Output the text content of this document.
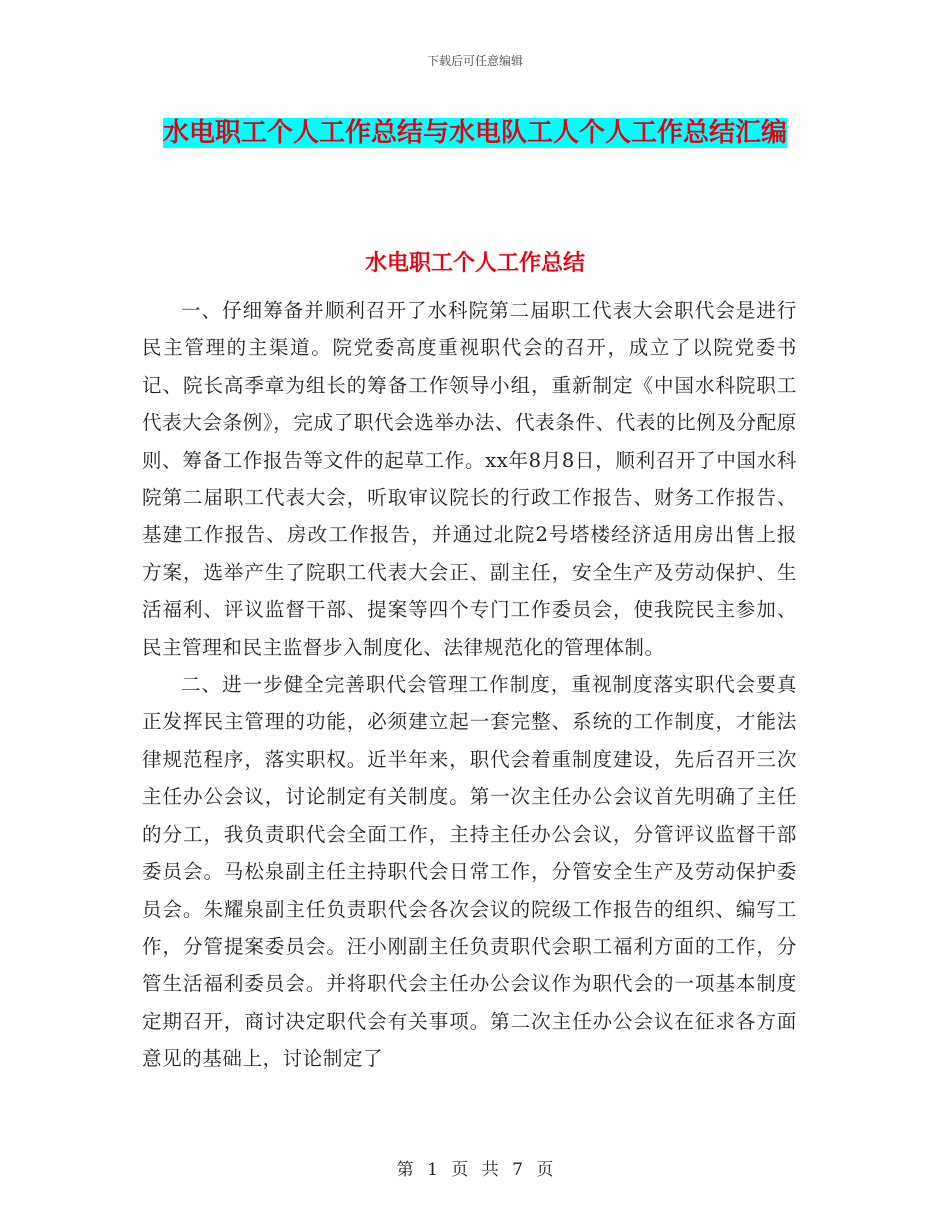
下载后可任意编辑
水电职工个人工作总结与水电队工人个人工作总结汇编
水电职工个人工作总结

一、仔细筹备并顺利召开了水科院第二届职工代表大会职代会是进行民主管理的主渠道。院党委高度重视职代会的召开，成立了以院党委书记、院长高季章为组长的筹备工作领导小组，重新制定《中国水科院职工代表大会条例》，完成了职代会选举办法、代表条件、代表的比例及分配原则、筹备工作报告等文件的起草工作。xx年8月8日，顺利召开了中国水科院第二届职工代表大会，听取审议院长的行政工作报告、财务工作报告、基建工作报告、房改工作报告，并通过北院2号塔楼经济适用房出售上报方案，选举产生了院职工代表大会正、副主任，安全生产及劳动保护、生活福利、评议监督干部、提案等四个专门工作委员会，使我院民主参加、民主管理和民主监督步入制度化、法律规范化的管理体制。

二、进一步健全完善职代会管理工作制度，重视制度落实职代会要真正发挥民主管理的功能，必须建立起一套完整、系统的工作制度，才能法律规范程序，落实职权。近半年来，职代会着重制度建设，先后召开三次主任办公会议，讨论制定有关制度。第一次主任办公会议首先明确了主任的分工，我负责职代会全面工作，主持主任办公会议，分管评议监督干部委员会。马松泉副主任主持职代会日常工作，分管安全生产及劳动保护委员会。朱耀泉副主任负责职代会各次会议的院级工作报告的组织、编写工作，分管提案委员会。汪小刚副主任负责职代会职工福利方面的工作，分管生活福利委员会。并将职代会主任办公会议作为职代会的一项基本制度定期召开，商讨决定职代会有关事项。第二次主任办公会议在征求各方面意见的基础上，讨论制定了

第 1 页 共 7 页
